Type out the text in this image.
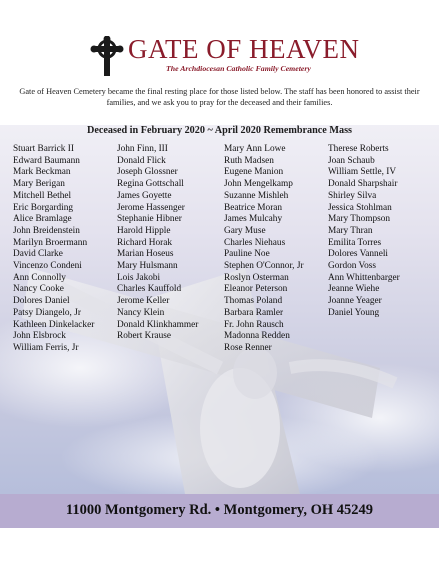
GATE OF HEAVEN
The Archdiocesan Catholic Family Cemetery
Gate of Heaven Cemetery became the final resting place for those listed below. The staff has been honored to assist their families, and we ask you to pray for the deceased and their families.
Deceased in February 2020 ~ April 2020 Remembrance Mass
Stuart Barrick II
Edward Baumann
Mark Beckman
Mary Berigan
Mitchell Bethel
Eric Borgarding
Alice Bramlage
John Breidenstein
Marilyn Broermann
David Clarke
Vincenzo Condeni
Ann Connolly
Nancy Cooke
Dolores Daniel
Patsy Diangelo, Jr
Kathleen Dinkelacker
John Elsbrock
William Ferris, Jr
John Finn, III
Donald Flick
Joseph Glossner
Regina Gottschall
James Goyette
Jerome Hassenger
Stephanie Hibner
Harold Hipple
Richard Horak
Marian Hoseus
Mary Hulsmann
Lois Jakobi
Charles Kauffold
Jerome Keller
Nancy Klein
Donald Klinkhammer
Robert Krause
Mary Ann Lowe
Ruth Madsen
Eugene Manion
John Mengelkamp
Suzanne Mishleh
Beatrice Moran
James Mulcahy
Gary Muse
Charles Niehaus
Pauline Noe
Stephen O'Connor, Jr
Roslyn Osterman
Eleanor Peterson
Thomas Poland
Barbara Ramler
Fr. John Rausch
Madonna Redden
Rose Renner
Therese Roberts
Joan Schaub
William Settle, IV
Donald Sharpshair
Shirley Silva
Jessica Stohlman
Mary Thompson
Mary Thran
Emilita Torres
Dolores Vanneli
Gordon Voss
Ann Whittenbarger
Jeanne Wiehe
Joanne Yeager
Daniel Young
11000 Montgomery Rd. • Montgomery, OH 45249
